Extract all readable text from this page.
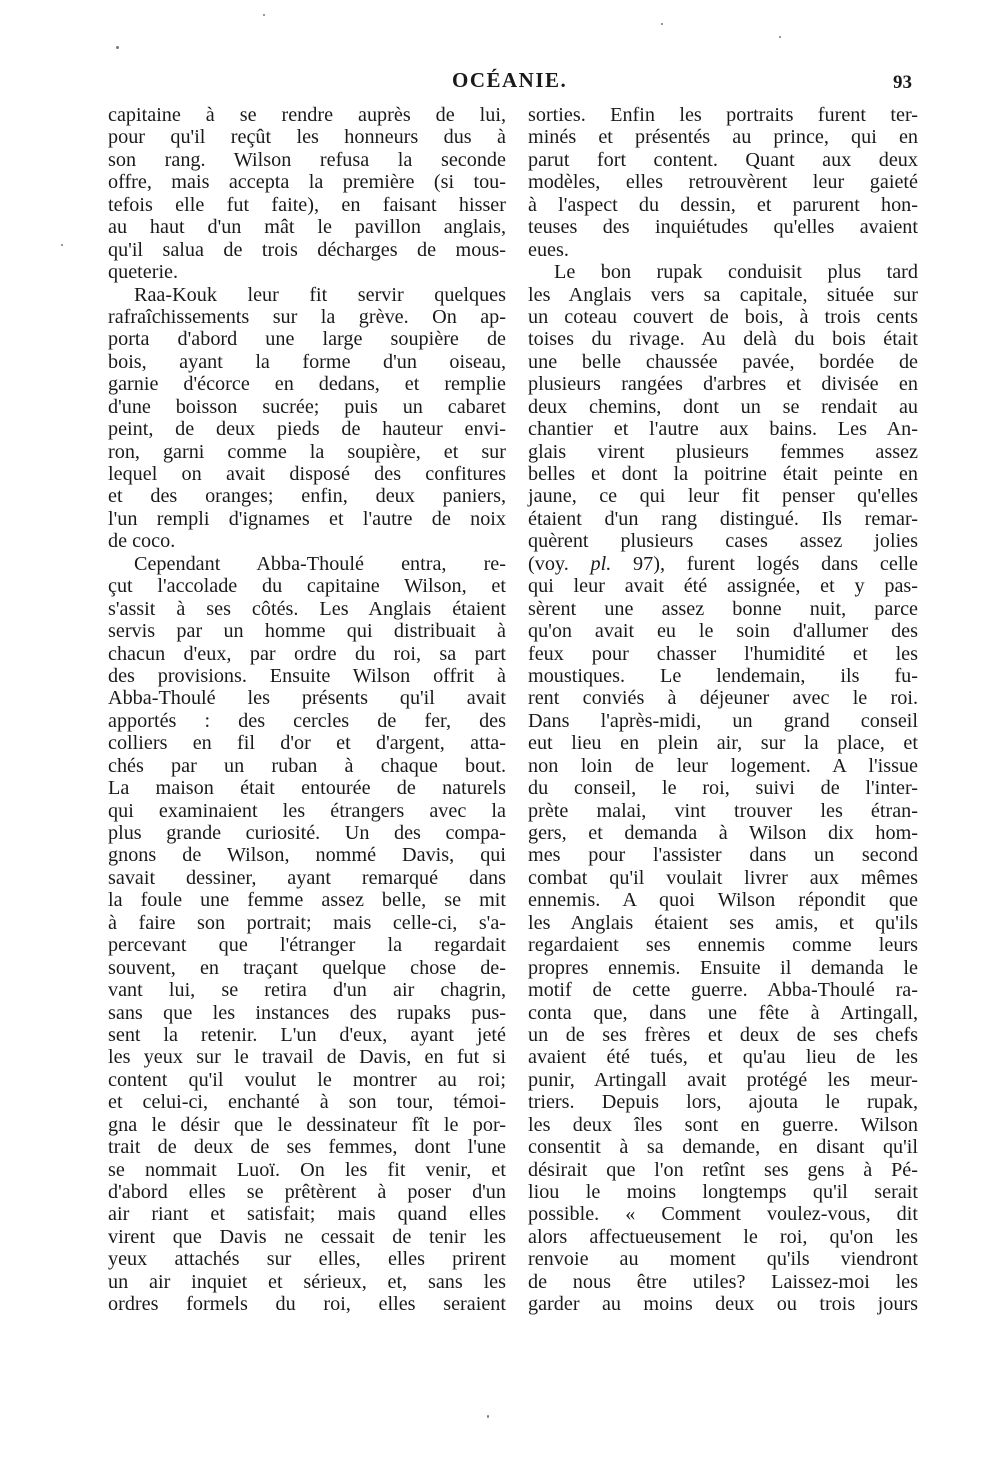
OCÉANIE.	93
capitaine à se rendre auprès de lui,
pour qu'il reçût les honneurs dus à
son rang. Wilson refusa la seconde
offre, mais accepta la première (si tou-
tefois elle fut faite), en faisant hisser
au haut d'un mât le pavillon anglais,
qu'il salua de trois décharges de mous-
queterie.
Raa-Kouk leur fit servir quelques
rafraîchissements sur la grève. On ap-
porta d'abord une large soupière de
bois, ayant la forme d'un oiseau,
garnie d'écorce en dedans, et remplie
d'une boisson sucrée; puis un cabaret
peint, de deux pieds de hauteur envi-
ron, garni comme la soupière, et sur
lequel on avait disposé des confitures
et des oranges; enfin, deux paniers,
l'un rempli d'ignames et l'autre de noix
de coco.
Cependant Abba-Thoulé entra, re-
çut l'accolade du capitaine Wilson, et
s'assit à ses côtés. Les Anglais étaient
servis par un homme qui distribuait à
chacun d'eux, par ordre du roi, sa part
des provisions. Ensuite Wilson offrit à
Abba-Thoulé les présents qu'il avait
apportés : des cercles de fer, des
colliers en fil d'or et d'argent, atta-
chés par un ruban à chaque bout.
La maison était entourée de naturels
qui examinaient les étrangers avec la
plus grande curiosité. Un des compa-
gnons de Wilson, nommé Davis, qui
savait dessiner, ayant remarqué dans
la foule une femme assez belle, se mit
à faire son portrait; mais celle-ci, s'a-
percevant que l'étranger la regardait
souvent, en traçant quelque chose de-
vant lui, se retira d'un air chagrin,
sans que les instances des rupaks pus-
sent la retenir. L'un d'eux, ayant jeté
les yeux sur le travail de Davis, en fut si
content qu'il voulut le montrer au roi;
et celui-ci, enchanté à son tour, témoi-
gna le désir que le dessinateur fît le por-
trait de deux de ses femmes, dont l'une
se nommait Luoï. On les fit venir, et
d'abord elles se prêtèrent à poser d'un
air riant et satisfait; mais quand elles
virent que Davis ne cessait de tenir les
yeux attachés sur elles, elles prirent
un air inquiet et sérieux, et, sans les
ordres formels du roi, elles seraient
sorties. Enfin les portraits furent ter-
minés et présentés au prince, qui en
parut fort content. Quant aux deux
modèles, elles retrouvèrent leur gaieté
à l'aspect du dessin, et parurent hon-
teuses des inquiétudes qu'elles avaient
eues.
Le bon rupak conduisit plus tard
les Anglais vers sa capitale, située sur
un coteau couvert de bois, à trois cents
toises du rivage. Au delà du bois était
une belle chaussée pavée, bordée de
plusieurs rangées d'arbres et divisée en
deux chemins, dont un se rendait au
chantier et l'autre aux bains. Les An-
glais virent plusieurs femmes assez
belles et dont la poitrine était peinte en
jaune, ce qui leur fit penser qu'elles
étaient d'un rang distingué. Ils remar-
quèrent plusieurs cases assez jolies
(voy. pl. 97), furent logés dans celle
qui leur avait été assignée, et y pas-
sèrent une assez bonne nuit, parce
qu'on avait eu le soin d'allumer des
feux pour chasser l'humidité et les
moustiques. Le lendemain, ils fu-
rent conviés à déjeuner avec le roi.
Dans l'après-midi, un grand conseil
eut lieu en plein air, sur la place, et
non loin de leur logement. A l'issue
du conseil, le roi, suivi de l'inter-
prète malai, vint trouver les étran-
gers, et demanda à Wilson dix hom-
mes pour l'assister dans un second
combat qu'il voulait livrer aux mêmes
ennemis. A quoi Wilson répondit que
les Anglais étaient ses amis, et qu'ils
regardaient ses ennemis comme leurs
propres ennemis. Ensuite il demanda le
motif de cette guerre. Abba-Thoulé ra-
conta que, dans une fête à Artingall,
un de ses frères et deux de ses chefs
avaient été tués, et qu'au lieu de les
punir, Artingall avait protégé les meur-
triers. Depuis lors, ajouta le rupak,
les deux îles sont en guerre. Wilson
consentit à sa demande, en disant qu'il
désirait que l'on retînt ses gens à Pé-
liou le moins longtemps qu'il serait
possible. « Comment voulez-vous, dit
alors affectueusement le roi, qu'on les
renvoie au moment qu'ils viendront
de nous être utiles? Laissez-moi les
garder au moins deux ou trois jours
